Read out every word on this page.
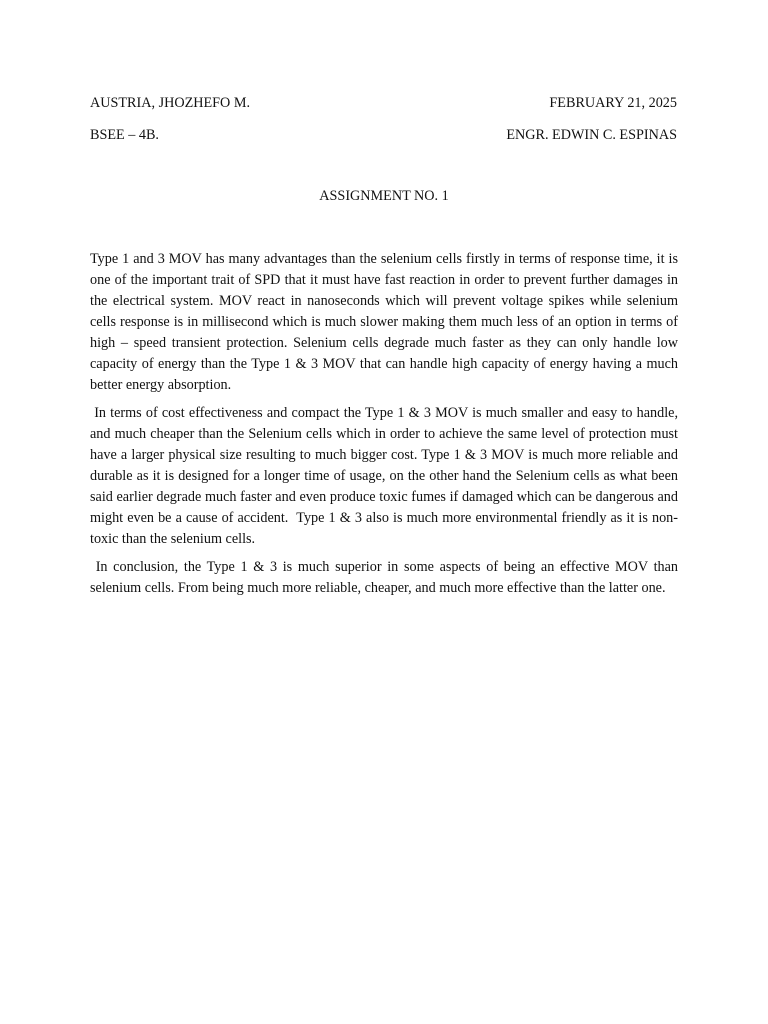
AUSTRIA, JHOZHEFO M.	FEBRUARY 21, 2025
BSEE – 4B.	ENGR. EDWIN C. ESPINAS
ASSIGNMENT NO. 1

Type 1 and 3 MOV has many advantages than the selenium cells firstly in terms of response time, it is one of the important trait of SPD that it must have fast reaction in order to prevent further damages in the electrical system. MOV react in nanoseconds which will prevent voltage spikes while selenium cells response is in millisecond which is much slower making them much less of an option in terms of high – speed transient protection. Selenium cells degrade much faster as they can only handle low capacity of energy than the Type 1 & 3 MOV that can handle high capacity of energy having a much better energy absorption.

In terms of cost effectiveness and compact the Type 1 & 3 MOV is much smaller and easy to handle, and much cheaper than the Selenium cells which in order to achieve the same level of protection must have a larger physical size resulting to much bigger cost. Type 1 & 3 MOV is much more reliable and durable as it is designed for a longer time of usage, on the other hand the Selenium cells as what been said earlier degrade much faster and even produce toxic fumes if damaged which can be dangerous and might even be a cause of accident.  Type 1 & 3 also is much more environmental friendly as it is non-toxic than the selenium cells.

In conclusion, the Type 1 & 3 is much superior in some aspects of being an effective MOV than selenium cells. From being much more reliable, cheaper, and much more effective than the latter one.
